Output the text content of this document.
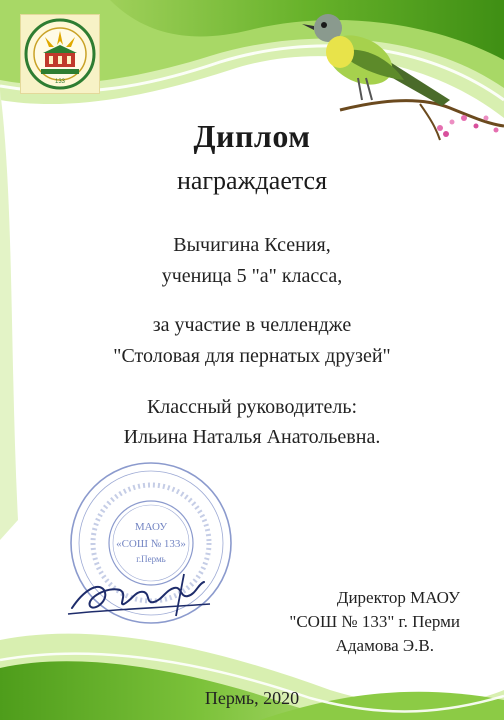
133
Диплом
награждается
Вычигина Ксения,
ученица 5 "а" класса,
за участие в челлендже
"Столовая для пернатых друзей"
Классный руководитель:
Ильина Наталья Анатольевна.
МАОУ
«СОШ № 133»
г.Пермь
Директор МАОУ
"СОШ № 133" г. Перми
Адамова Э.В.
Пермь, 2020
